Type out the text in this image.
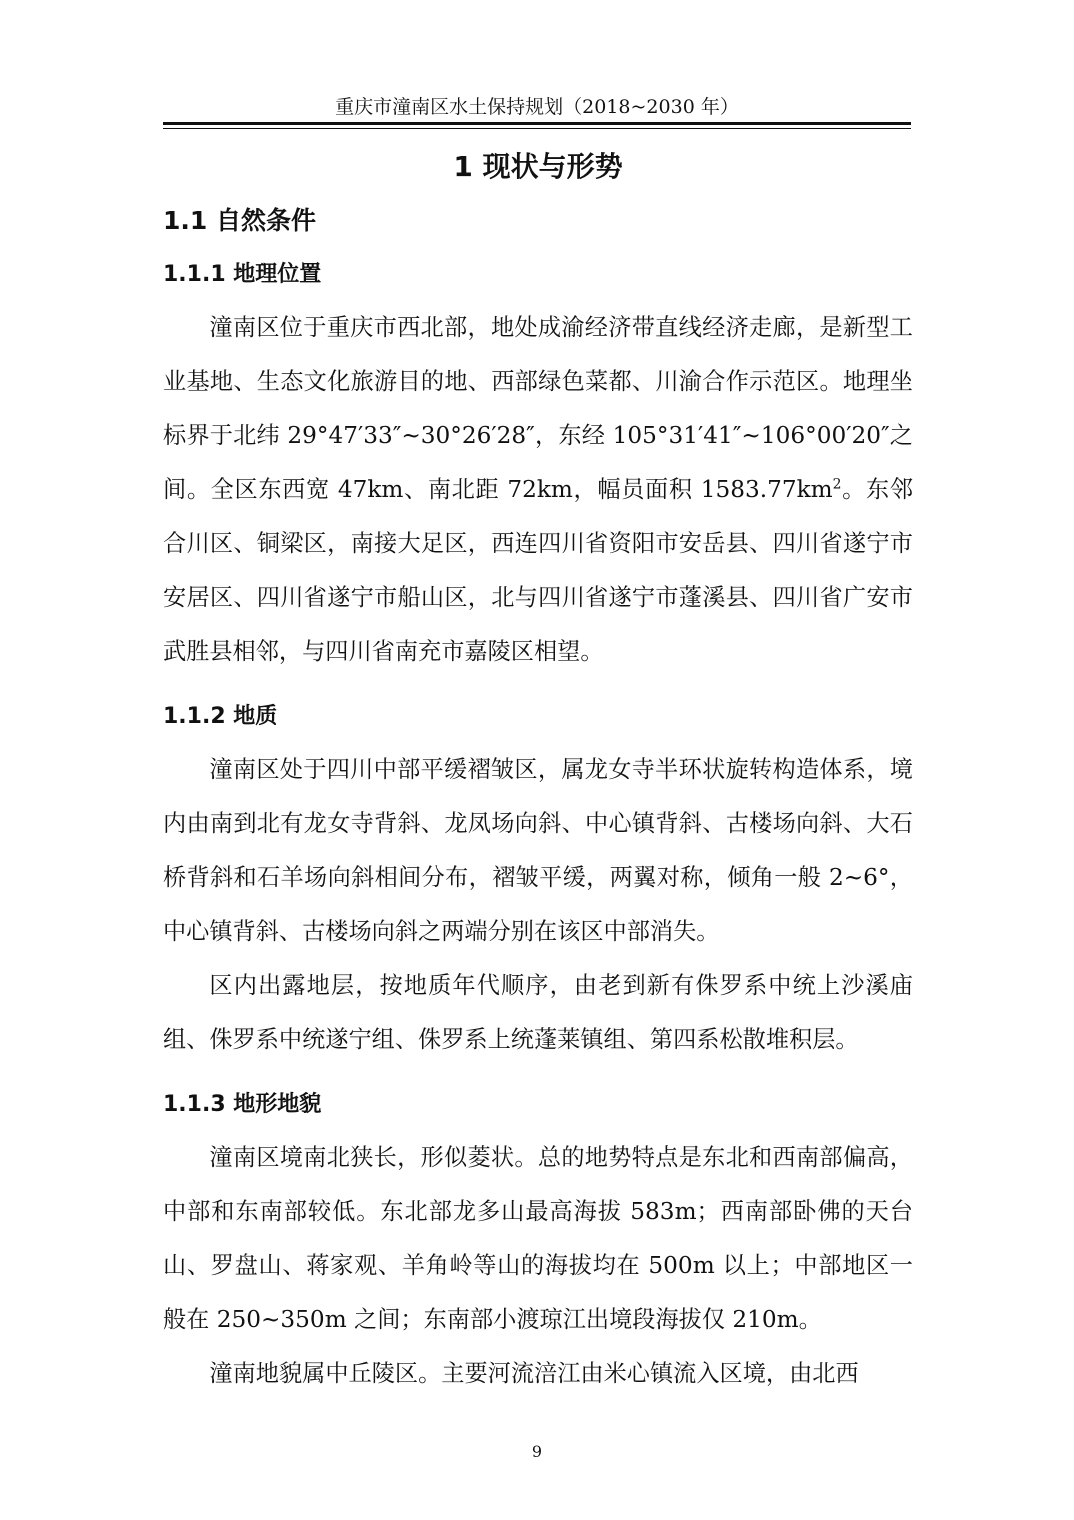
重庆市潼南区水土保持规划（2018~2030 年）
1 现状与形势
1.1 自然条件
1.1.1 地理位置

潼南区位于重庆市西北部，地处成渝经济带直线经济走廊，是新型工业基地、生态文化旅游目的地、西部绿色菜都、川渝合作示范区。地理坐标界于北纬 29°47′33″~30°26′28″，东经 105°31′41″~106°00′20″之间。全区东西宽 47km、南北距 72km，幅员面积 $1583.77km^2$。东邻合川区、铜梁区，南接大足区，西连四川省资阳市安岳县、四川省遂宁市安居区、四川省遂宁市船山区，北与四川省遂宁市蓬溪县、四川省广安市武胜县相邻，与四川省南充市嘉陵区相望。

1.1.2 地质

潼南区处于四川中部平缓褶皱区，属龙女寺半环状旋转构造体系，境内由南到北有龙女寺背斜、龙凤场向斜、中心镇背斜、古楼场向斜、大石桥背斜和石羊场向斜相间分布，褶皱平缓，两翼对称，倾角一般 2~6°，中心镇背斜、古楼场向斜之两端分别在该区中部消失。

区内出露地层，按地质年代顺序，由老到新有侏罗系中统上沙溪庙组、侏罗系中统遂宁组、侏罗系上统蓬莱镇组、第四系松散堆积层。

1.1.3 地形地貌

潼南区境南北狭长，形似菱状。总的地势特点是东北和西南部偏高，中部和东南部较低。东北部龙多山最高海拔 583m；西南部卧佛的天台山、罗盘山、蒋家观、羊角岭等山的海拔均在 500m 以上；中部地区一般在 250~350m 之间；东南部小渡琼江出境段海拔仅 210m。

潼南地貌属中丘陵区。主要河流涪江由米心镇流入区境，由北西

9
